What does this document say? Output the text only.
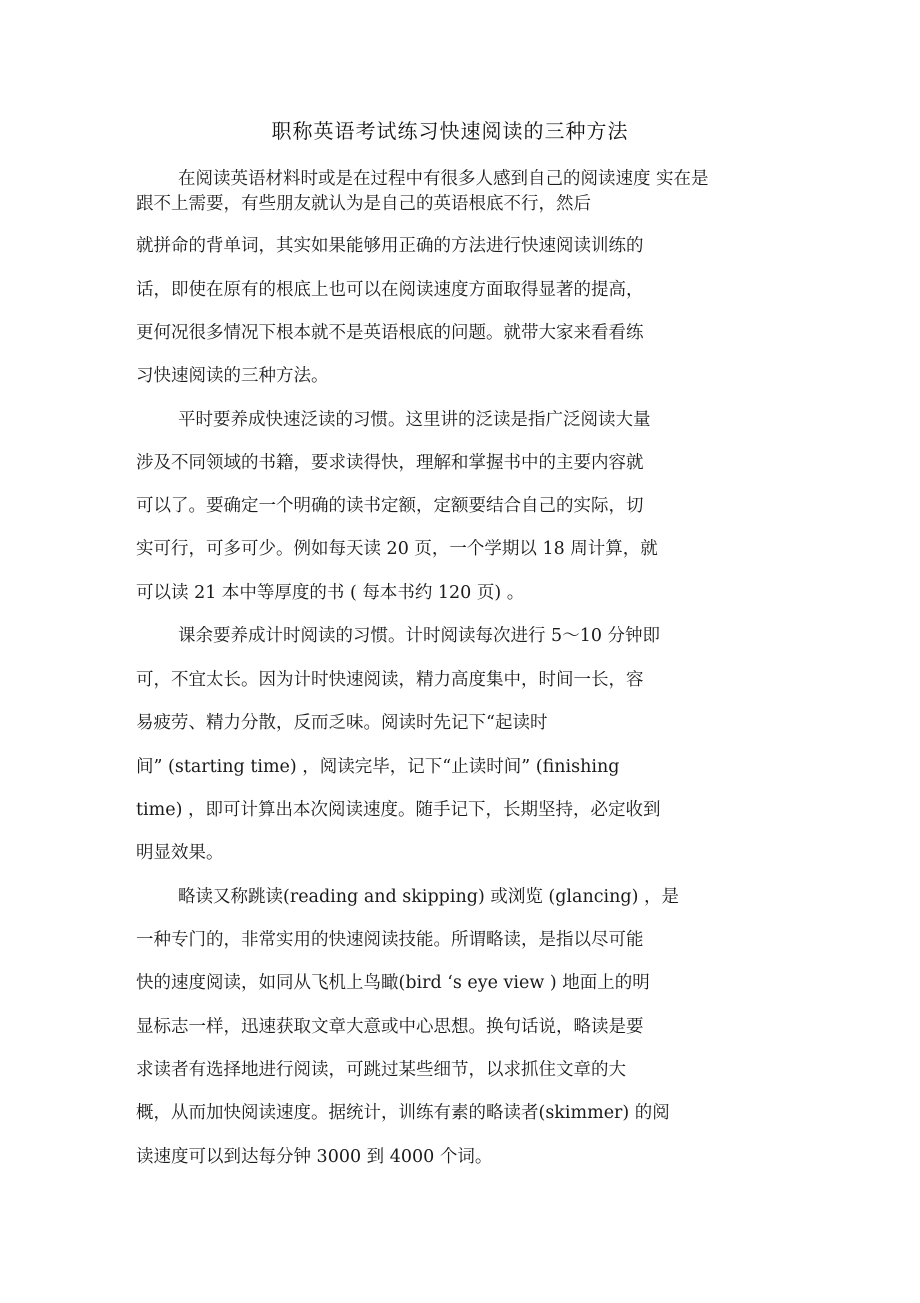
职称英语考试练习快速阅读的三种方法
在阅读英语材料时或是在过程中有很多人感到自己的阅读速度 实在是
跟不上需要，有些朋友就认为是自己的英语根底不行，然后
就拼命的背单词，其实如果能够用正确的方法进行快速阅读训练的
话，即使在原有的根底上也可以在阅读速度方面取得显著的提高，
更何况很多情况下根本就不是英语根底的问题。就带大家来看看练
习快速阅读的三种方法。
平时要养成快速泛读的习惯。这里讲的泛读是指广泛阅读大量
涉及不同领域的书籍，要求读得快，理解和掌握书中的主要内容就
可以了。要确定一个明确的读书定额，定额要结合自己的实际，切
实可行，可多可少。例如每天读 20 页，一个学期以 18 周计算，就
可以读 21 本中等厚度的书 ( 每本书约 120 页) 。
课余要养成计时阅读的习惯。计时阅读每次进行 5～10 分钟即
可，不宜太长。因为计时快速阅读，精力高度集中，时间一长，容
易疲劳、精力分散，反而乏味。阅读时先记下“起读时
间” (starting time) ，阅读完毕，记下“止读时间” (finishing
time) ，即可计算出本次阅读速度。随手记下，长期坚持，必定收到
明显效果。
略读又称跳读(reading and skipping) 或浏览 (glancing) ，是
一种专门的，非常实用的快速阅读技能。所谓略读，是指以尽可能
快的速度阅读，如同从飞机上鸟瞰(bird ‘s eye view ) 地面上的明
显标志一样，迅速获取文章大意或中心思想。换句话说，略读是要
求读者有选择地进行阅读，可跳过某些细节，以求抓住文章的大
概，从而加快阅读速度。据统计，训练有素的略读者(skimmer) 的阅
读速度可以到达每分钟 3000 到 4000 个词。
